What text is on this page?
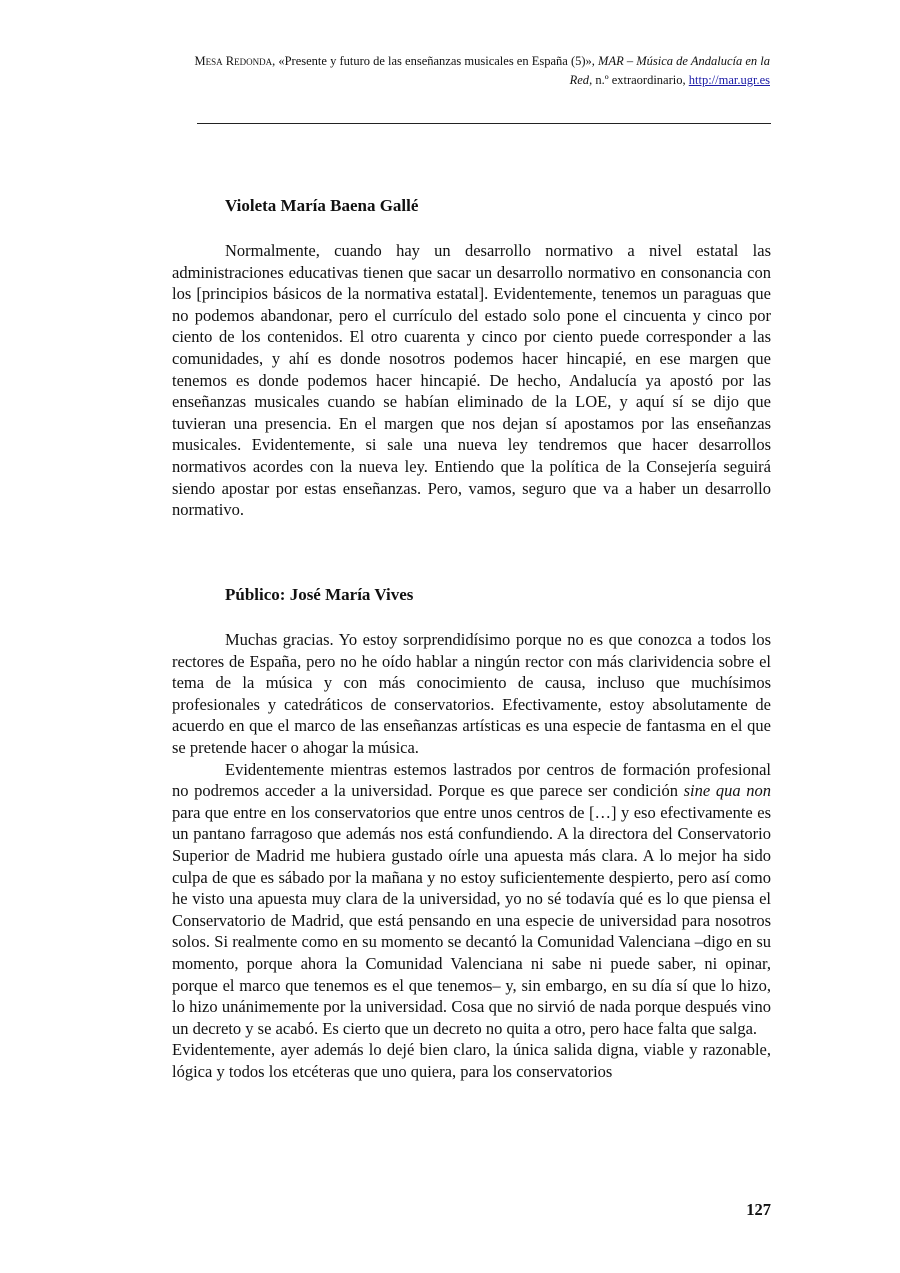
Mesa Redonda, «Presente y futuro de las enseñanzas musicales en España (5)», MAR – Música de Andalucía en la Red, n.º extraordinario, http://mar.ugr.es
Violeta María Baena Gallé

Normalmente, cuando hay un desarrollo normativo a nivel estatal las administraciones educativas tienen que sacar un desarrollo normativo en consonancia con los [principios básicos de la normativa estatal]. Evidentemente, tenemos un paraguas que no podemos abandonar, pero el currículo del estado solo pone el cincuenta y cinco por ciento de los contenidos. El otro cuarenta y cinco por ciento puede corresponder a las comunidades, y ahí es donde nosotros podemos hacer hincapié, en ese margen que tenemos es donde podemos hacer hincapié. De hecho, Andalucía ya apostó por las enseñanzas musicales cuando se habían eliminado de la LOE, y aquí sí se dijo que tuvieran una presencia. En el margen que nos dejan sí apostamos por las enseñanzas musicales. Evidentemente, si sale una nueva ley tendremos que hacer desarrollos normativos acordes con la nueva ley. Entiendo que la política de la Consejería seguirá siendo apostar por estas enseñanzas. Pero, vamos, seguro que va a haber un desarrollo normativo.

Público: José María Vives

Muchas gracias. Yo estoy sorprendidísimo porque no es que conozca a todos los rectores de España, pero no he oído hablar a ningún rector con más clarividencia sobre el tema de la música y con más conocimiento de causa, incluso que muchísimos profesionales y catedráticos de conservatorios. Efectivamente, estoy absolutamente de acuerdo en que el marco de las enseñanzas artísticas es una especie de fantasma en el que se pretende hacer o ahogar la música.

Evidentemente mientras estemos lastrados por centros de formación profesional no podremos acceder a la universidad. Porque es que parece ser condición sine qua non para que entre en los conservatorios que entre unos centros de […] y eso efectivamente es un pantano farragoso que además nos está confundiendo. A la directora del Conservatorio Superior de Madrid me hubiera gustado oírle una apuesta más clara. A lo mejor ha sido culpa de que es sábado por la mañana y no estoy suficientemente despierto, pero así como he visto una apuesta muy clara de la universidad, yo no sé todavía qué es lo que piensa el Conservatorio de Madrid, que está pensando en una especie de universidad para nosotros solos. Si realmente como en su momento se decantó la Comunidad Valenciana –digo en su momento, porque ahora la Comunidad Valenciana ni sabe ni puede saber, ni opinar, porque el marco que tenemos es el que tenemos– y, sin embargo, en su día sí que lo hizo, lo hizo unánimemente por la universidad. Cosa que no sirvió de nada porque después vino un decreto y se acabó. Es cierto que un decreto no quita a otro, pero hace falta que salga.

Evidentemente, ayer además lo dejé bien claro, la única salida digna, viable y razonable, lógica y todos los etcéteras que uno quiera, para los conservatorios

127
